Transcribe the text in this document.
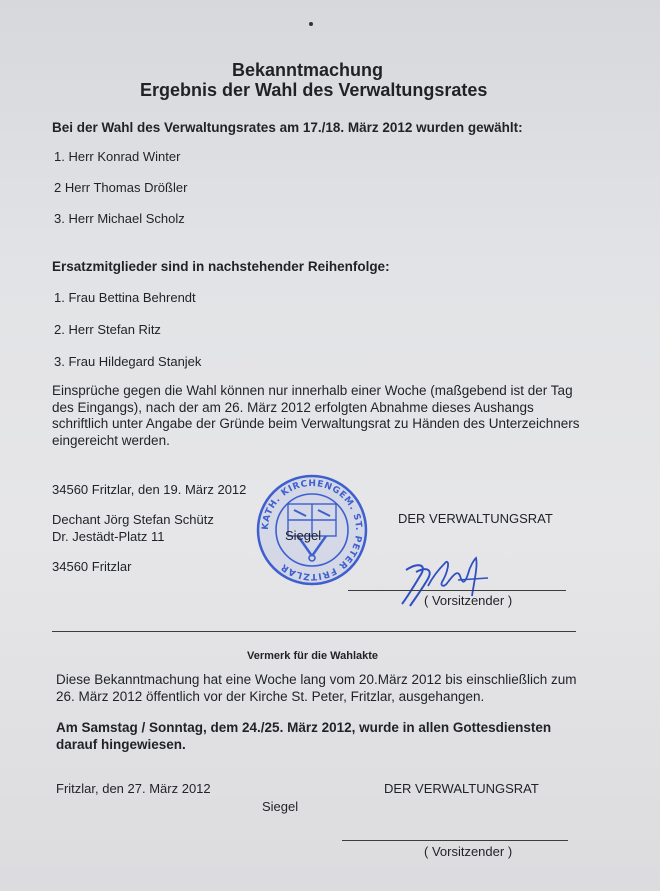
Bekanntmachung
Ergebnis der Wahl des Verwaltungsrates
Bei der Wahl des Verwaltungsrates am 17./18. März 2012 wurden gewählt:
1. Herr Konrad Winter
2 Herr Thomas Drößler
3. Herr Michael Scholz
Ersatzmitglieder sind in nachstehender Reihenfolge:
1. Frau Bettina Behrendt
2. Herr Stefan Ritz
3. Frau Hildegard Stanjek
Einsprüche gegen die Wahl können nur innerhalb einer Woche (maßgebend ist der Tag des Eingangs), nach der am 26. März 2012 erfolgten Abnahme dieses Aushangs schriftlich unter Angabe der Gründe beim Verwaltungsrat zu Händen des Unterzeichners eingereicht werden.
34560 Fritzlar, den 19. März 2012
Dechant Jörg Stefan Schütz
Dr. Jestädt-Platz 11
34560 Fritzlar
KATH. KIRCHENGEM. ST. PETER FRITZLAR
Siegel
DER VERWALTUNGSRAT
( Vorsitzender )
Vermerk für die Wahlakte
Diese Bekanntmachung hat eine Woche lang vom 20.März 2012 bis einschließlich zum 26. März 2012 öffentlich vor der Kirche St. Peter, Fritzlar, ausgehangen.
Am Samstag / Sonntag, dem 24./25. März 2012, wurde in allen Gottesdiensten darauf hingewiesen.
Fritzlar, den 27. März 2012	DER VERWALTUNGSRAT
Siegel
( Vorsitzender )
